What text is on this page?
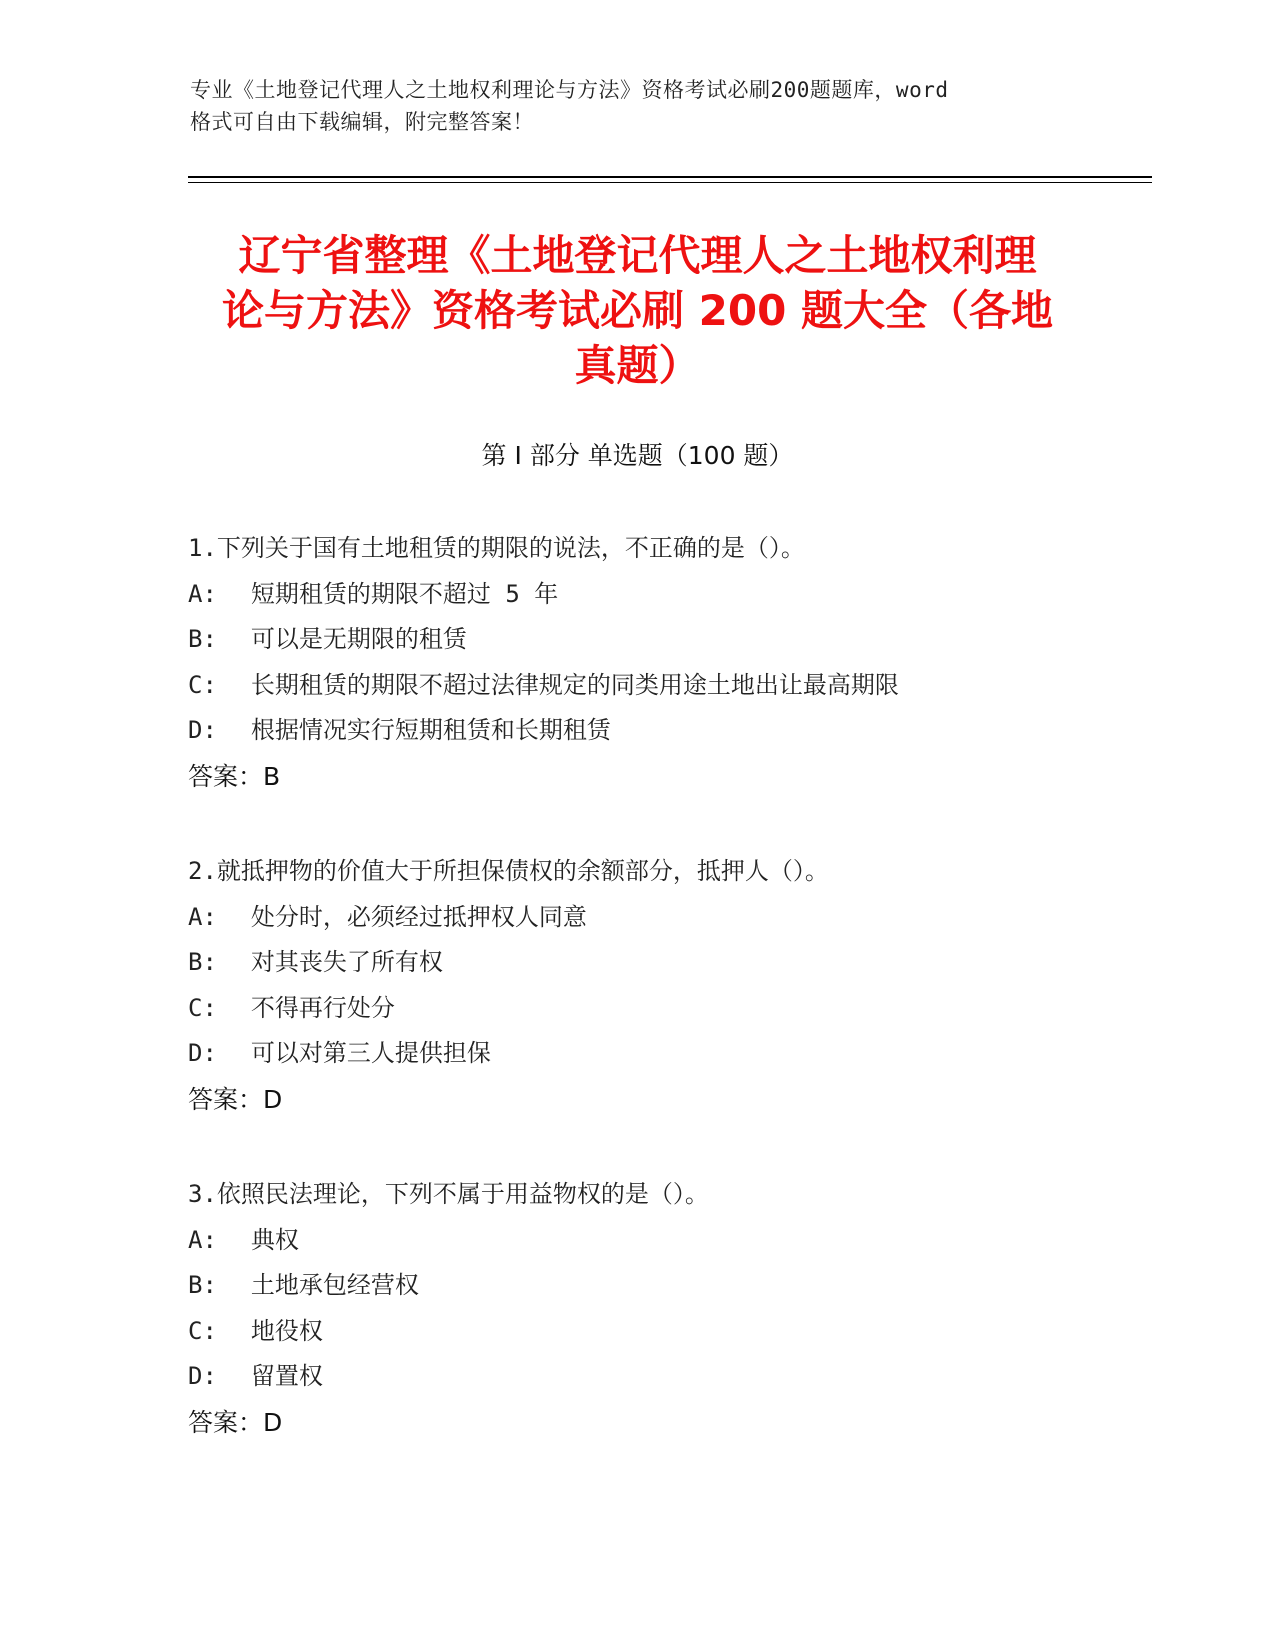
专业《土地登记代理人之土地权利理论与方法》资格考试必刷200题题库，word
格式可自由下载编辑，附完整答案！
辽宁省整理《土地登记代理人之土地权利理
论与方法》资格考试必刷 200 题大全（各地
真题）
第 I 部分 单选题（100 题）
1.下列关于国有土地租赁的期限的说法，不正确的是（）。
A: 短期租赁的期限不超过 5 年
B: 可以是无期限的租赁
C: 长期租赁的期限不超过法律规定的同类用途土地出让最高期限
D: 根据情况实行短期租赁和长期租赁
答案：B
2.就抵押物的价值大于所担保债权的余额部分，抵押人（）。
A: 处分时，必须经过抵押权人同意
B: 对其丧失了所有权
C: 不得再行处分
D: 可以对第三人提供担保
答案：D
3.依照民法理论，下列不属于用益物权的是（）。
A: 典权
B: 土地承包经营权
C: 地役权
D: 留置权
答案：D
